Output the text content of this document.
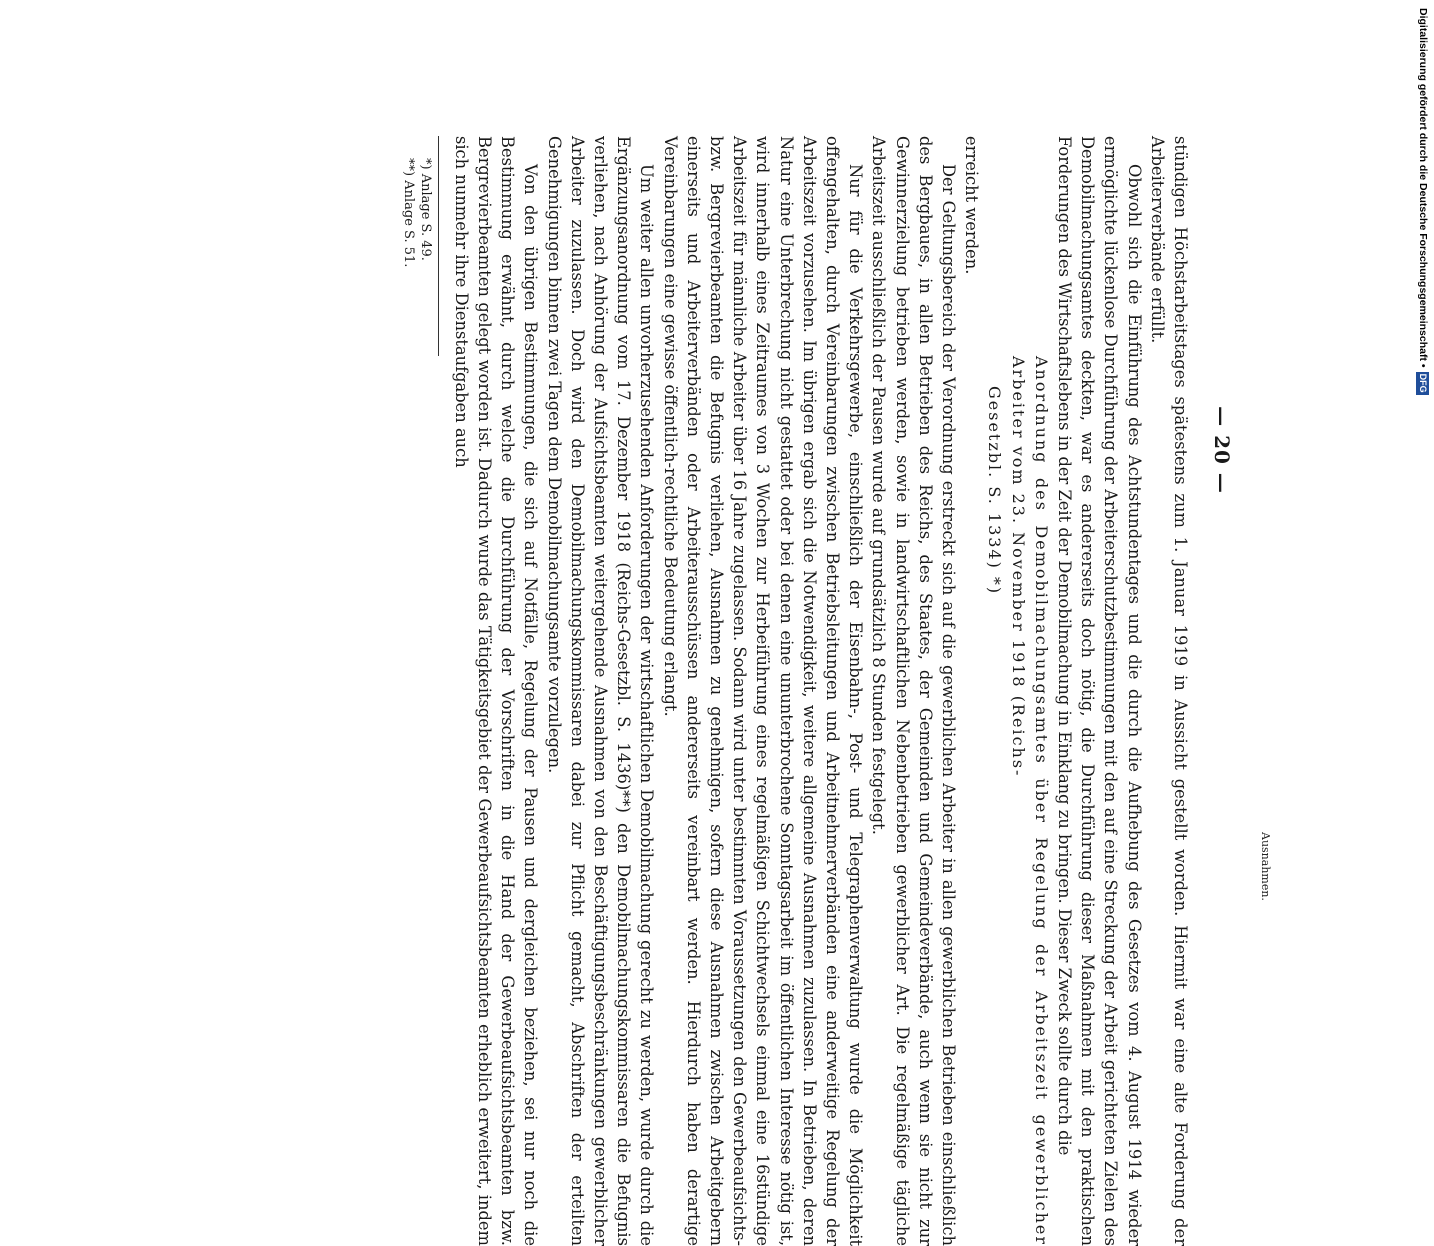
— 20 —

stündigen Höchstarbeitstages spätestens zum 1. Januar 1919 in Aussicht gestellt worden. Hiermit war eine alte Forderung der Arbeiterverbände erfüllt.

Obwohl sich die Einführung des Achtstundentages und die durch die Aufhebung des Gesetzes vom 4. August 1914 wieder ermöglichte lückenlose Durchführung der Arbeiterschutzbestimmungen mit den auf eine Streckung der Arbeit gerichteten Zielen des Demobilmachungsamtes deckten, war es andererseits doch nötig, die Durchführung dieser Maßnahmen mit den praktischen Forderungen des Wirtschaftslebens in der Zeit der Demobilmachung in Einklang zu bringen. Dieser Zweck sollte durch die

Anordnung des Demobilmachungsamtes über Regelung der Arbeitszeit gewerblicher Arbeiter vom 23. November 1918 (Reichs-
Gesetzbl. S. 1334) *)

erreicht werden.

Der Geltungsbereich der Verordnung erstreckt sich auf die gewerblichen Arbeiter in allen gewerblichen Betrieben einschließlich des Bergbaues, in allen Betrieben des Reichs, des Staates, der Gemeinden und Gemeindeverbände, auch wenn sie nicht zur Gewinnerzielung betrieben werden, sowie in landwirtschaftlichen Nebenbetrieben gewerblicher Art. Die regelmäßige tägliche Arbeitszeit ausschließlich der Pausen wurde auf grundsätzlich 8 Stunden festgelegt.

Nur für die Verkehrsgewerbe, einschließlich der Eisenbahn-, Post- und Telegraphenverwaltung wurde die Möglichkeit offengehalten, durch Vereinbarungen zwischen Betriebsleitungen und Arbeitnehmerverbänden eine anderweitige Regelung der Arbeitszeit vorzusehen. Im übrigen ergab sich die Notwendigkeit, weitere allgemeine Ausnahmen zuzulassen. In Betrieben, deren Natur eine Unterbrechung nicht gestattet oder bei denen eine ununterbrochene Sonntagsarbeit im öffentlichen Interesse nötig ist, wird innerhalb eines Zeitraumes von 3 Wochen zur Herbeiführung eines regelmäßigen Schichtwechsels einmal eine 16stündige Arbeitszeit für männliche Arbeiter über 16 Jahre zugelassen. Sodann wird unter bestimmten Voraussetzungen den Gewerbeaufsichts- bzw. Bergrevierbeamten die Befugnis verliehen, Ausnahmen zu genehmigen, sofern diese Ausnahmen zwischen Arbeitgebern einerseits und Arbeiterverbänden oder Arbeiterausschüssen andererseits vereinbart werden. Hierdurch haben derartige Vereinbarungen eine gewisse öffentlich-rechtliche Bedeutung erlangt.

Um weiter allen unvorherzusehenden Anforderungen der wirtschaftlichen Demobilmachung gerecht zu werden, wurde durch die Ergänzungsanordnung vom 17. Dezember 1918 (Reichs-Gesetzbl. S. 1436)**) den Demobilmachungskommissaren die Befugnis verliehen, nach Anhörung der Aufsichtsbeamten weitergehende Ausnahmen von den Beschäftigungsbeschränkungen gewerblicher Arbeiter zuzulassen. Doch wird den Demobilmachungskommissaren dabei zur Pflicht gemacht, Abschriften der erteilten Genehmigungen binnen zwei Tagen dem Demobilmachungsamte vorzulegen.

Von den übrigen Bestimmungen, die sich auf Notfälle, Regelung der Pausen und dergleichen beziehen, sei nur noch die Bestimmung erwähnt, durch welche die Durchführung der Vorschriften in die Hand der Gewerbeaufsichtsbeamten bzw. Bergrevierbeamten gelegt worden ist. Dadurch wurde das Tätigkeitsgebiet der Gewerbeaufsichtsbeamten erheblich erweitert, indem sich nunmehr ihre Dienstaufgaben auch

*) Anlage S. 49.
**) Anlage S. 51.
Ausnahmen.
Digitalisierung gefördert durch die Deutsche Forschungsgemeinschaft •
DFG
